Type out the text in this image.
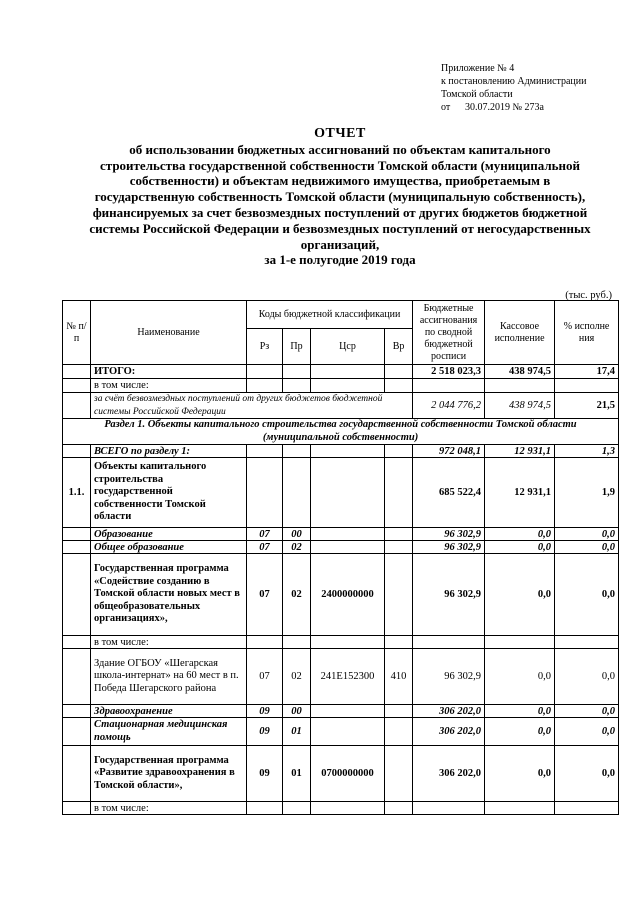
Приложение № 4
к постановлению Администрации
Томской области
от 30.07.2019 № 273а
ОТЧЕТ
об использовании бюджетных ассигнований по объектам капитального
строительства государственной собственности Томской области (муниципальной
собственности) и объектам недвижимого имущества, приобретаемым в
государственную собственность Томской области (муниципальную собственность),
финансируемых за счет безвозмездных поступлений от других бюджетов бюджетной
системы Российской Федерации и безвозмездных поступлений от негосударственных
организаций,
за 1-е полугодие 2019 года
(тыс. руб.)
№ п/п	Наименование	Коды бюджетной классификации				Бюджетные ассигнования по сводной бюджетной росписи	Кассовое исполнение	% исполне ния
		Рз	Пр	Цср	Вр			
	ИТОГО:					2 518 023,3	438 974,5	17,4
	в том числе:							
	за счёт безвозмездных поступлений от других бюджетов бюджетной системы Российской Федерации					2 044 776,2	438 974,5	21,5
Раздел 1. Объекты капитального строительства государственной собственности Томской области (муниципальной собственности)								
	ВСЕГО по разделу 1:					972 048,1	12 931,1	1,3
1.1.	Объекты капитального строительства государственной собственности Томской области					685 522,4	12 931,1	1,9
	Образование	07	00			96 302,9	0,0	0,0
	Общее образование	07	02			96 302,9	0,0	0,0
	Государственная программа «Содействие созданию в Томской области новых мест в общеобразовательных организациях»,	07	02	2400000000		96 302,9	0,0	0,0
	в том числе:							
	Здание ОГБОУ «Шегарская школа-интернат» на 60 мест в п. Победа Шегарского района	07	02	241E152300	410	96 302,9	0,0	0,0
	Здравоохранение	09	00			306 202,0	0,0	0,0
	Стационарная медицинская помощь	09	01			306 202,0	0,0	0,0
	Государственная программа «Развитие здравоохранения в Томской области»,	09	01	0700000000		306 202,0	0,0	0,0
	в том числе:							
